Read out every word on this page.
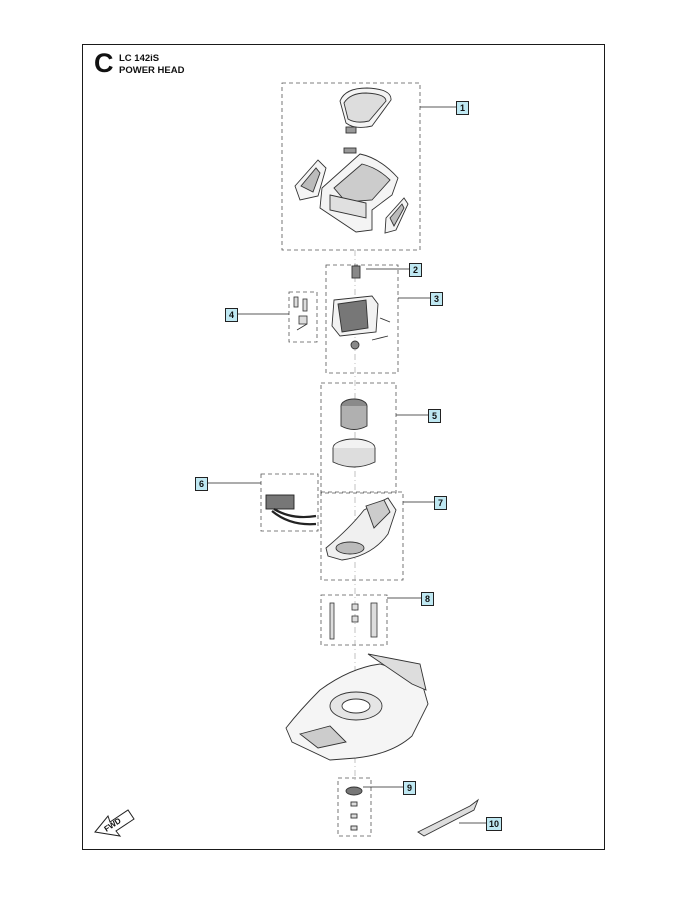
C LC 142iS
POWER HEAD
FWD
1
2
3
4
5
6
7
8
9
10
